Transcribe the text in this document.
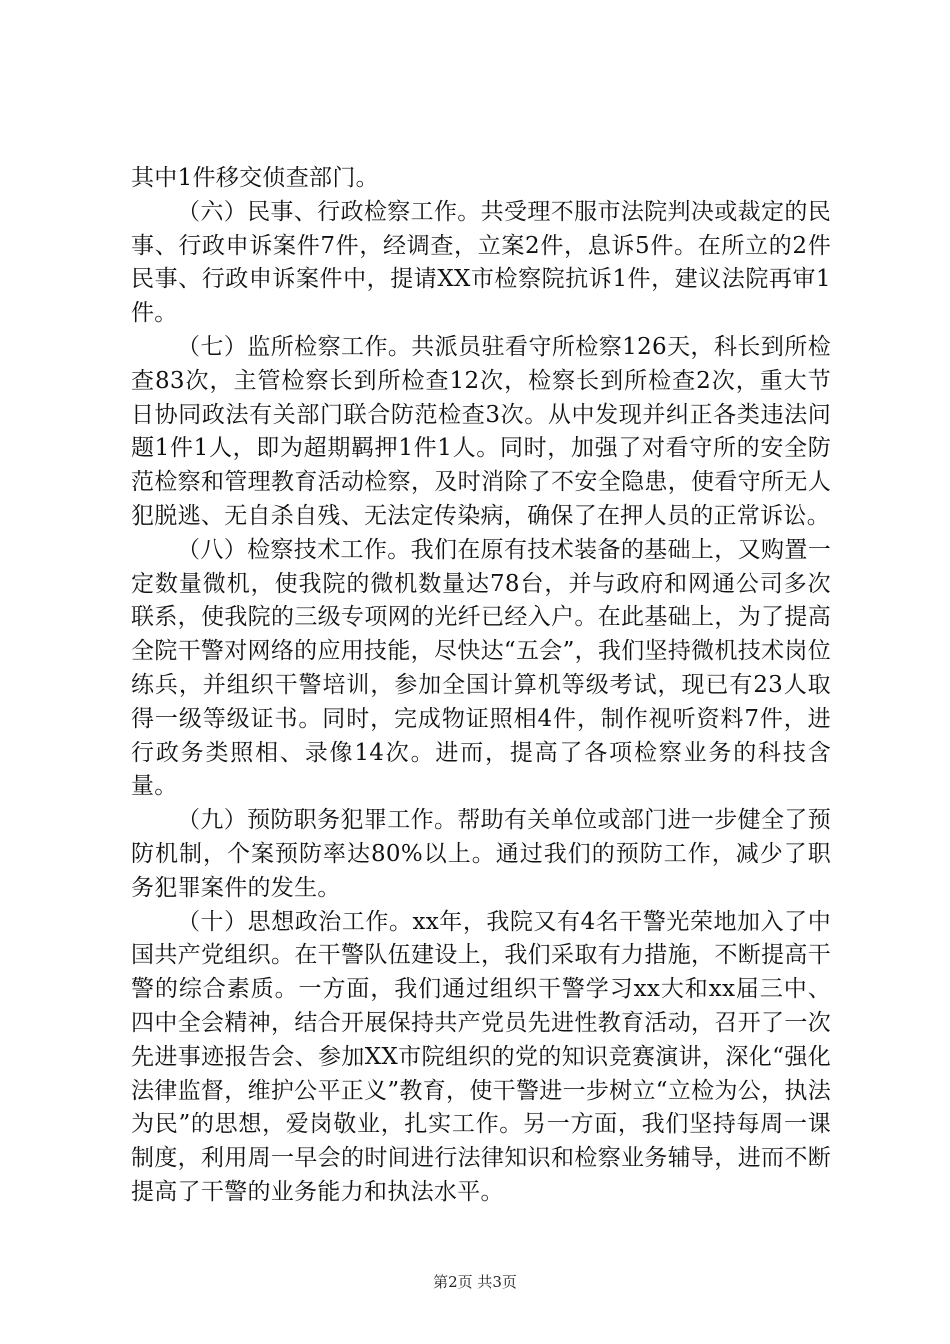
其中1件移交侦查部门。

（六）民事、行政检察工作。共受理不服市法院判决或裁定的民事、行政申诉案件7件，经调查，立案2件，息诉5件。在所立的2件民事、行政申诉案件中，提请XX市检察院抗诉1件，建议法院再审1件。

（七）监所检察工作。共派员驻看守所检察126天，科长到所检查83次，主管检察长到所检查12次，检察长到所检查2次，重大节日协同政法有关部门联合防范检查3次。从中发现并纠正各类违法问题1件1人，即为超期羁押1件1人。同时，加强了对看守所的安全防范检察和管理教育活动检察，及时消除了不安全隐患，使看守所无人犯脱逃、无自杀自残、无法定传染病，确保了在押人员的正常诉讼。

（八）检察技术工作。我们在原有技术装备的基础上，又购置一定数量微机，使我院的微机数量达78台，并与政府和网通公司多次联系，使我院的三级专项网的光纤已经入户。在此基础上，为了提高全院干警对网络的应用技能，尽快达“五会”，我们坚持微机技术岗位练兵，并组织干警培训，参加全国计算机等级考试，现已有23人取得一级等级证书。同时，完成物证照相4件，制作视听资料7件，进行政务类照相、录像14次。进而，提高了各项检察业务的科技含量。

（九）预防职务犯罪工作。帮助有关单位或部门进一步健全了预防机制，个案预防率达80%以上。通过我们的预防工作，减少了职务犯罪案件的发生。

（十）思想政治工作。xx年，我院又有4名干警光荣地加入了中国共产党组织。在干警队伍建设上，我们采取有力措施，不断提高干警的综合素质。一方面，我们通过组织干警学习xx大和xx届三中、四中全会精神，结合开展保持共产党员先进性教育活动，召开了一次先进事迹报告会、参加XX市院组织的党的知识竞赛演讲，深化“强化法律监督，维护公平正义”教育，使干警进一步树立“立检为公，执法为民”的思想，爱岗敬业，扎实工作。另一方面，我们坚持每周一课制度，利用周一早会的时间进行法律知识和检察业务辅导，进而不断提高了干警的业务能力和执法水平。

第2页 共3页
